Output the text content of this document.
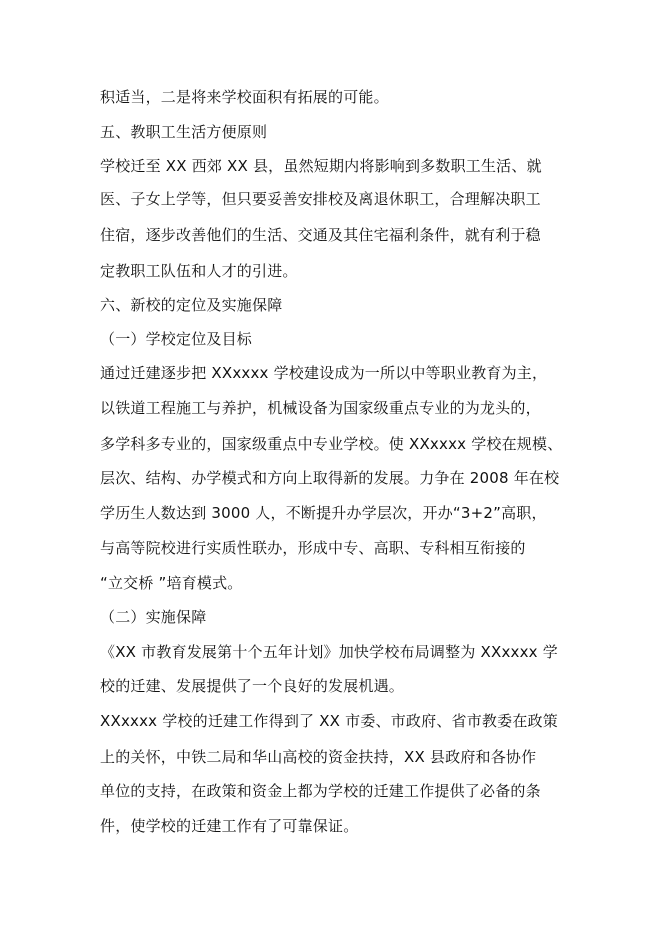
积适当，二是将来学校面积有拓展的可能。
五、教职工生活方便原则
学校迁至 XX 西郊 XX 县，虽然短期内将影响到多数职工生活、就
医、子女上学等，但只要妥善安排校及离退休职工，合理解决职工
住宿，逐步改善他们的生活、交通及其住宅福利条件，就有利于稳
定教职工队伍和人才的引进。
六、新校的定位及实施保障
（一）学校定位及目标
通过迁建逐步把 XXxxxx 学校建设成为一所以中等职业教育为主，
以铁道工程施工与养护，机械设备为国家级重点专业的为龙头的，
多学科多专业的，国家级重点中专业学校。使 XXxxxx 学校在规模、
层次、结构、办学模式和方向上取得新的发展。力争在 2008 年在校
学历生人数达到 3000 人，不断提升办学层次，开办“3+2”高职，
与高等院校进行实质性联办，形成中专、高职、专科相互衔接的
“立交桥 ”培育模式。
（二）实施保障
《XX 市教育发展第十个五年计划》加快学校布局调整为 XXxxxx 学
校的迁建、发展提供了一个良好的发展机遇。
XXxxxx 学校的迁建工作得到了 XX 市委、市政府、省市教委在政策
上的关怀，中铁二局和华山高校的资金扶持，XX 县政府和各协作
单位的支持，在政策和资金上都为学校的迁建工作提供了必备的条
件，使学校的迁建工作有了可靠保证。
